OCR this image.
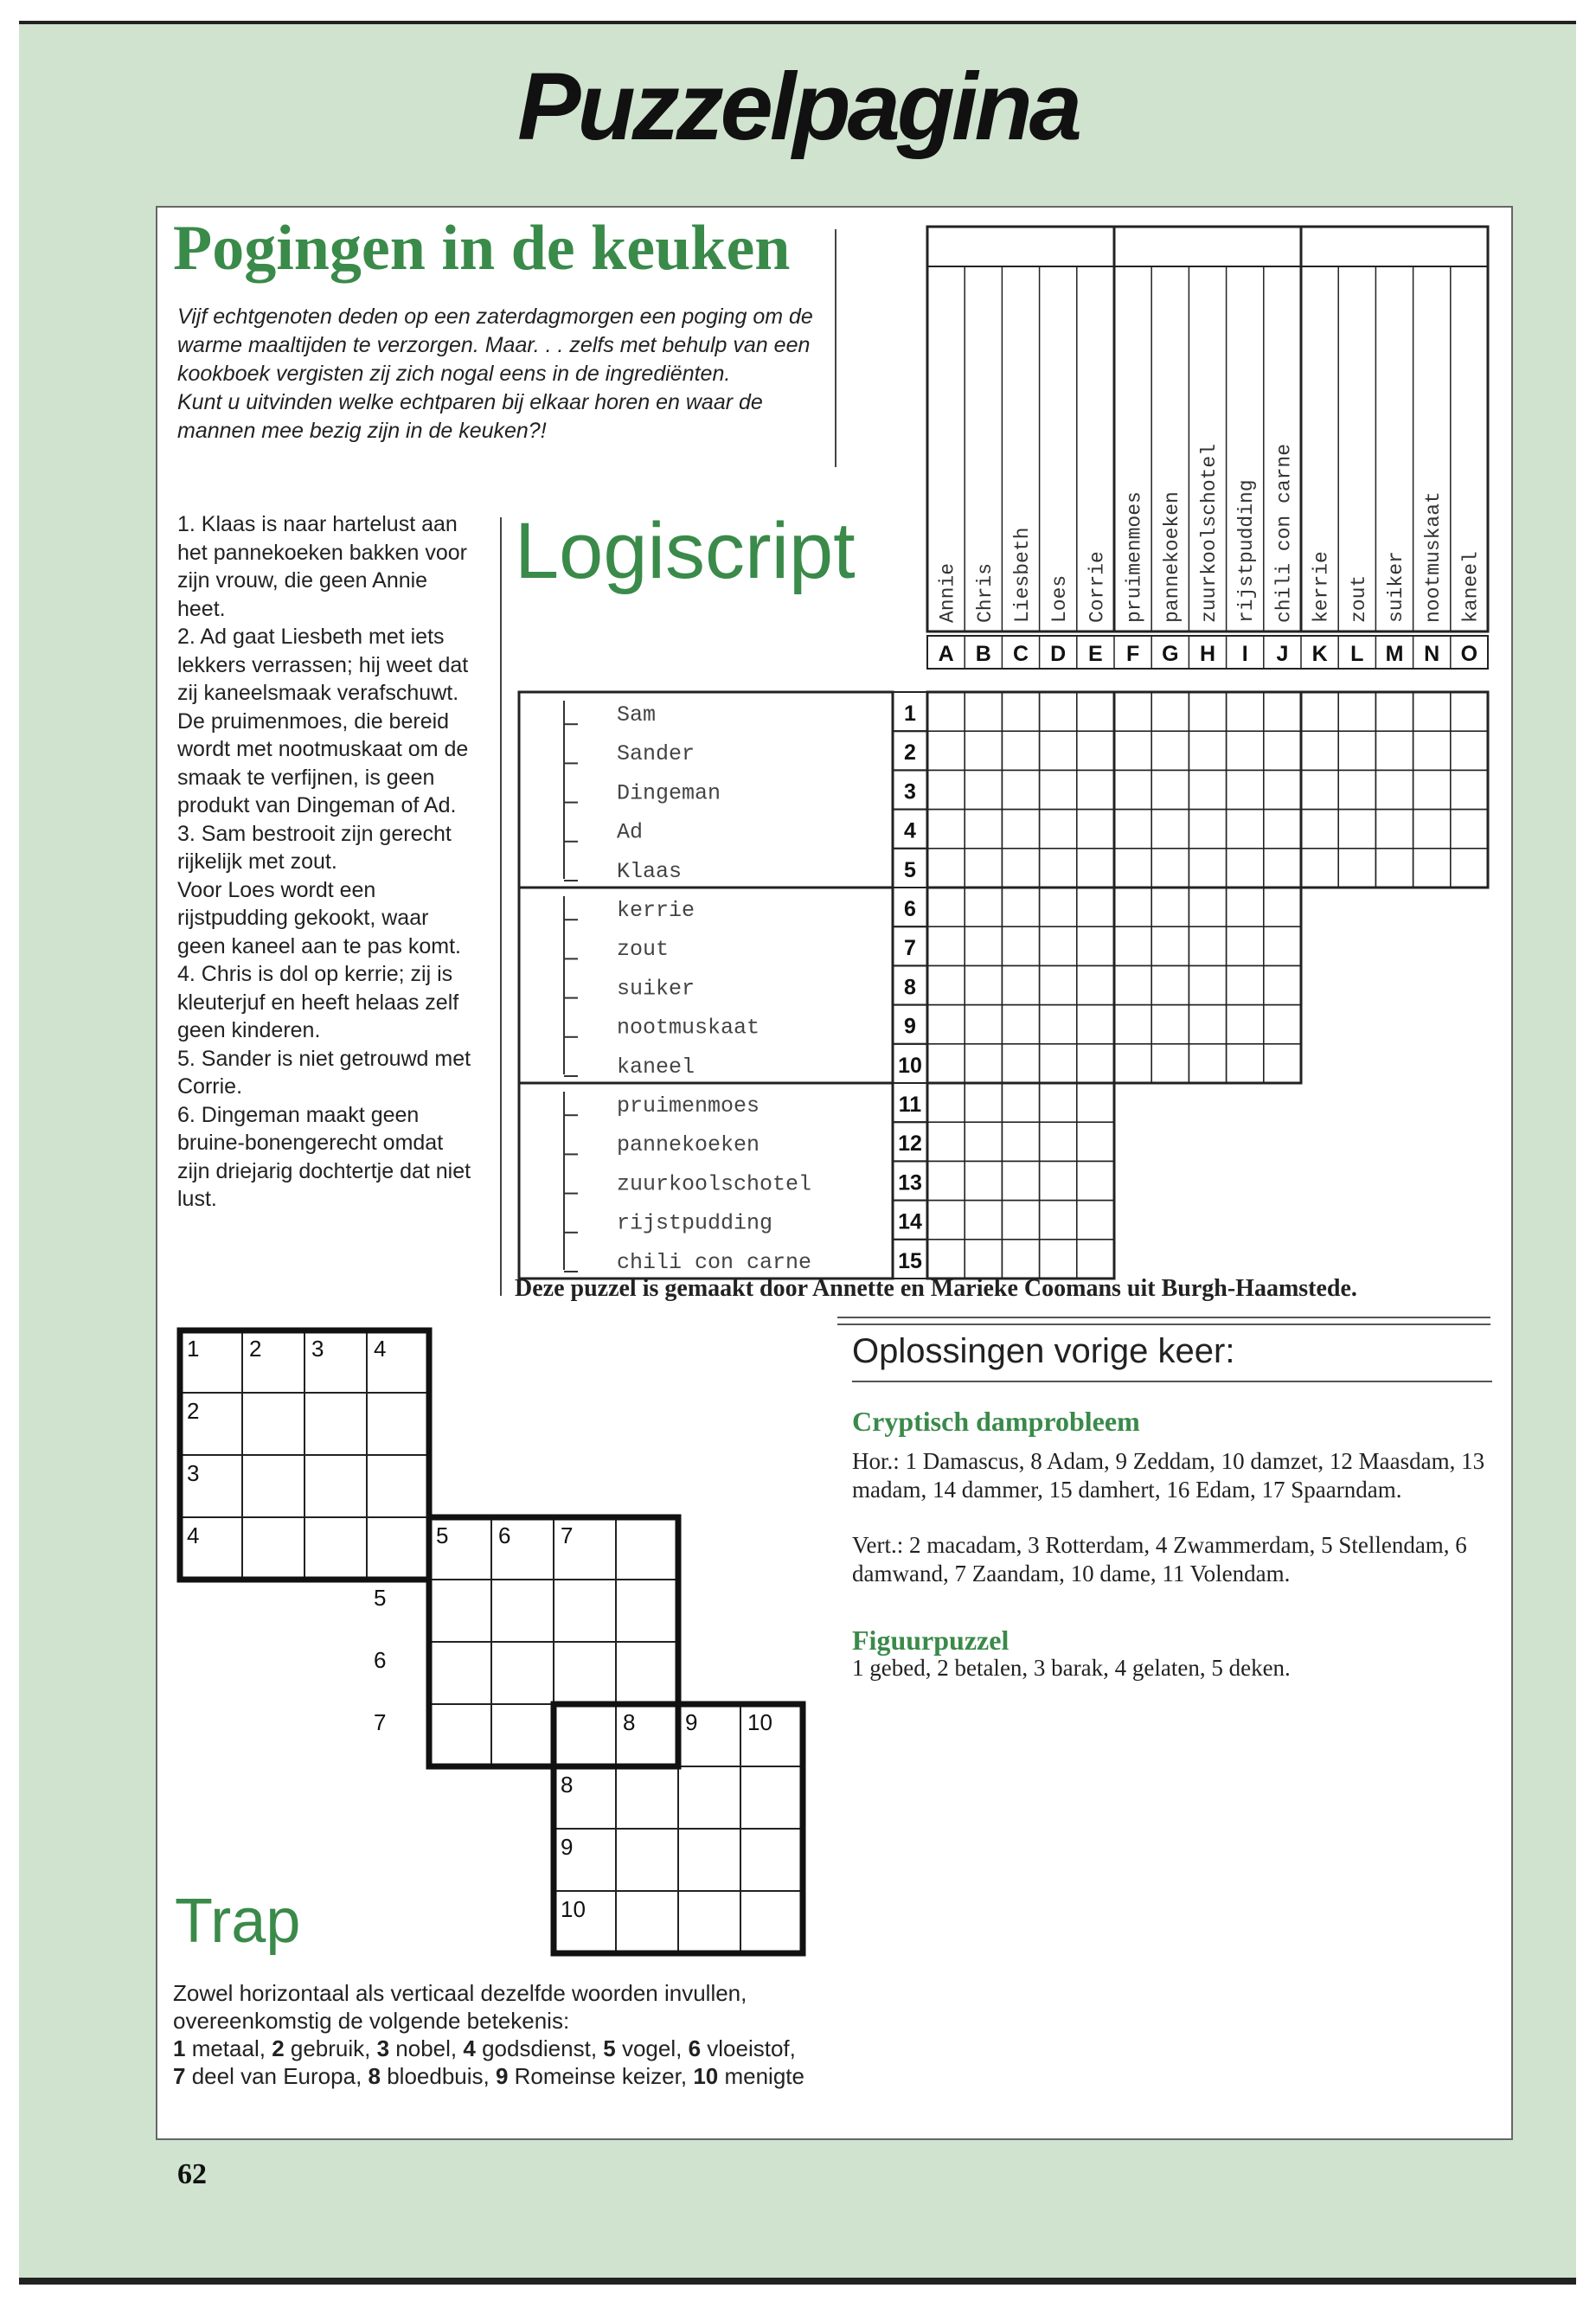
Puzzelpagina
Pogingen in de keuken
Vijf echtgenoten deden op een zaterdagmorgen een poging om de warme maaltijden te verzorgen. Maar. . . zelfs met behulp van een kookboek vergisten zij zich nogal eens in de ingrediënten.
Kunt u uitvinden welke echtparen bij elkaar horen en waar de mannen mee bezig zijn in de keuken?!

1. Klaas is naar hartelust aan het pannekoeken bakken voor zijn vrouw, die geen Annie heet.

2. Ad gaat Liesbeth met iets lekkers verrassen; hij weet dat zij kaneelsmaak verafschuwt.

De pruimenmoes, die bereid wordt met nootmuskaat om de smaak te verfijnen, is geen produkt van Dingeman of Ad.

3. Sam bestrooit zijn gerecht rijkelijk met zout.

Voor Loes wordt een rijstpudding gekookt, waar geen kaneel aan te pas komt.

4. Chris is dol op kerrie; zij is kleuterjuf en heeft helaas zelf geen kinderen.

5. Sander is niet getrouwd met Corrie.

6. Dingeman maakt geen bruine-bonengerecht omdat zijn driejarig dochtertje dat niet lust.

Logiscript	Annie Chris Liesbeth Loes Corrie pruimenmoes pannekoeken zuurkoolschotel rijstpudding chili con carne kerrie zout suiker nootmuskaat kaneel
A B C D E F G H I J K L M N O
1
Sam
2
Sander
3
Dingeman
4
Ad
5
Klaas
6
kerrie
7
zout
8
suiker
9
nootmuskaat
10
kaneel
11
pruimenmoes
12
pannekoeken
13
zuurkoolschotel
14
rijstpudding
15
chili con carne
Deze puzzel is gemaakt door Annette en Marieke Coomans uit Burgh-Haamstede.
Oplossingen vorige keer:
Cryptisch damprobleem
Hor.: 1 Damascus, 8 Adam, 9 Zeddam, 10 damzet, 12 Maasdam, 13 madam, 14 dammer, 15 damhert, 16 Edam, 17 Spaarndam.
Vert.: 2 macadam, 3 Rotterdam, 4 Zwammerdam, 5 Stellendam, 6 damwand, 7 Zaandam, 10 dame, 11 Volendam.
Figuurpuzzel
1 gebed, 2 betalen, 3 barak, 4 gelaten, 5 deken.
1 2 3 4
2
3
4	5 6 7
5
6
7	8 9 10
8
9
10
Trap
Zowel horizontaal als verticaal dezelfde woorden invullen, overeenkomstig de volgende betekenis:
1 metaal, 2 gebruik, 3 nobel, 4 godsdienst, 5 vogel, 6 vloeistof, 7 deel van Europa, 8 bloedbuis, 9 Romeinse keizer, 10 menigte
62
